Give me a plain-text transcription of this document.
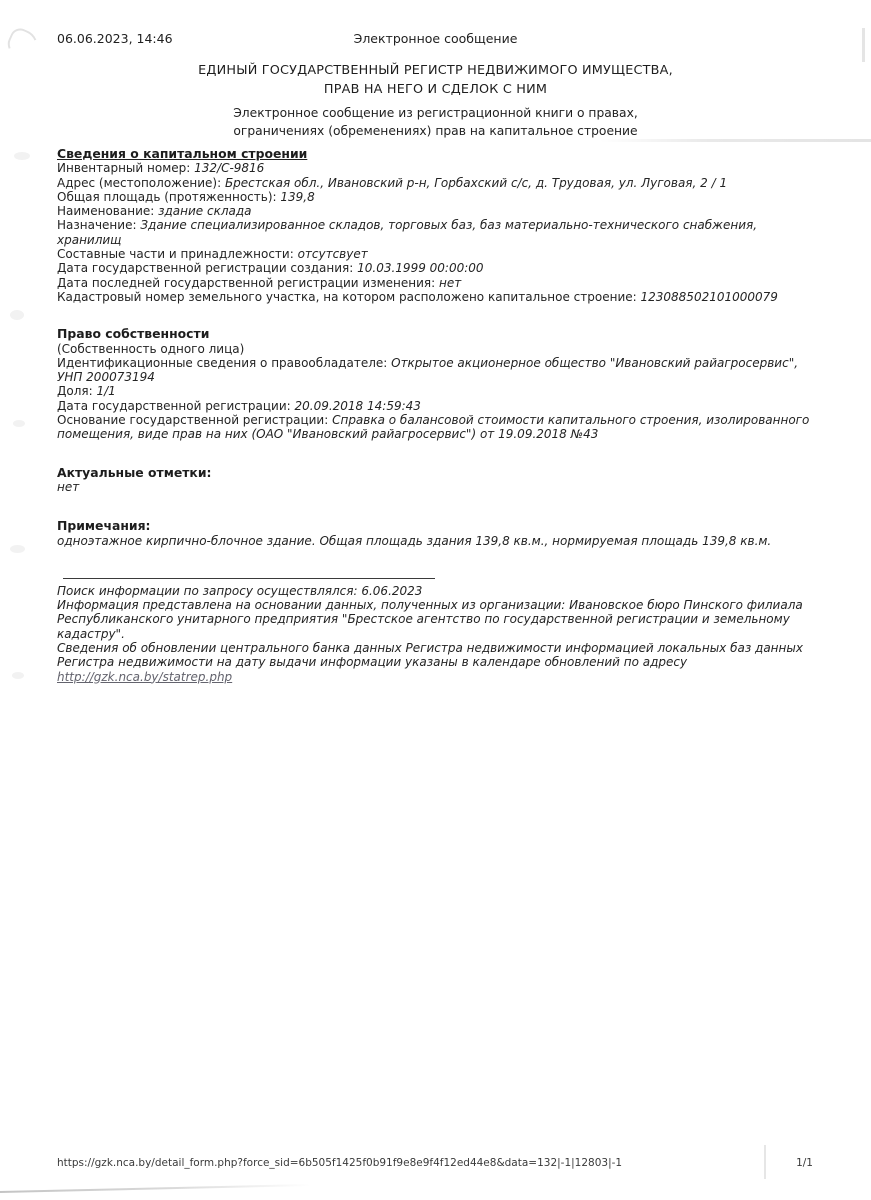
06.06.2023, 14:46	Электронное сообщение
ЕДИНЫЙ ГОСУДАРСТВЕННЫЙ РЕГИСТР НЕДВИЖИМОГО ИМУЩЕСТВА,
ПРАВ НА НЕГО И СДЕЛОК С НИМ
Электронное сообщение из регистрационной книги о правах,
ограничениях (обременениях) прав на капитальное строение
Сведения о капитальном строении
Инвентарный номер: 132/С-9816
Адрес (местоположение): Брестская обл., Ивановский р-н, Горбахский с/с, д. Трудовая, ул. Луговая, 2 / 1
Общая площадь (протяженность): 139,8
Наименование: здание склада
Назначение: Здание специализированное складов, торговых баз, баз материально-технического снабжения, хранилищ
Составные части и принадлежности: отсутсвует
Дата государственной регистрации создания: 10.03.1999 00:00:00
Дата последней государственной регистрации изменения: нет
Кадастровый номер земельного участка, на котором расположено капитальное строение: 123088502101000079
Право собственности
(Собственность одного лица)
Идентификационные сведения о правообладателе: Открытое акционерное общество "Ивановский райагросервис", УНП 200073194
Доля: 1/1
Дата государственной регистрации: 20.09.2018 14:59:43
Основание государственной регистрации: Справка о балансовой стоимости капитального строения, изолированного помещения, виде прав на них (ОАО "Ивановский райагросервис") от 19.09.2018 №43
Актуальные отметки:
нет
Примечания:
одноэтажное кирпично-блочное здание. Общая площадь здания 139,8 кв.м., нормируемая площадь 139,8 кв.м.
Поиск информации по запросу осуществлялся: 6.06.2023
Информация представлена на основании данных, полученных из организации: Ивановское бюро Пинского филиала Республиканского унитарного предприятия "Брестское агентство по государственной регистрации и земельному кадастру".
Сведения об обновлении центрального банка данных Регистра недвижимости информацией локальных баз данных Регистра недвижимости на дату выдачи информации указаны в календаре обновлений по адресу
http://gzk.nca.by/statrep.php
https://gzk.nca.by/detail_form.php?force_sid=6b505f1425f0b91f9e8e9f4f12ed44e8&data=132|-1|12803|-1	1/1
